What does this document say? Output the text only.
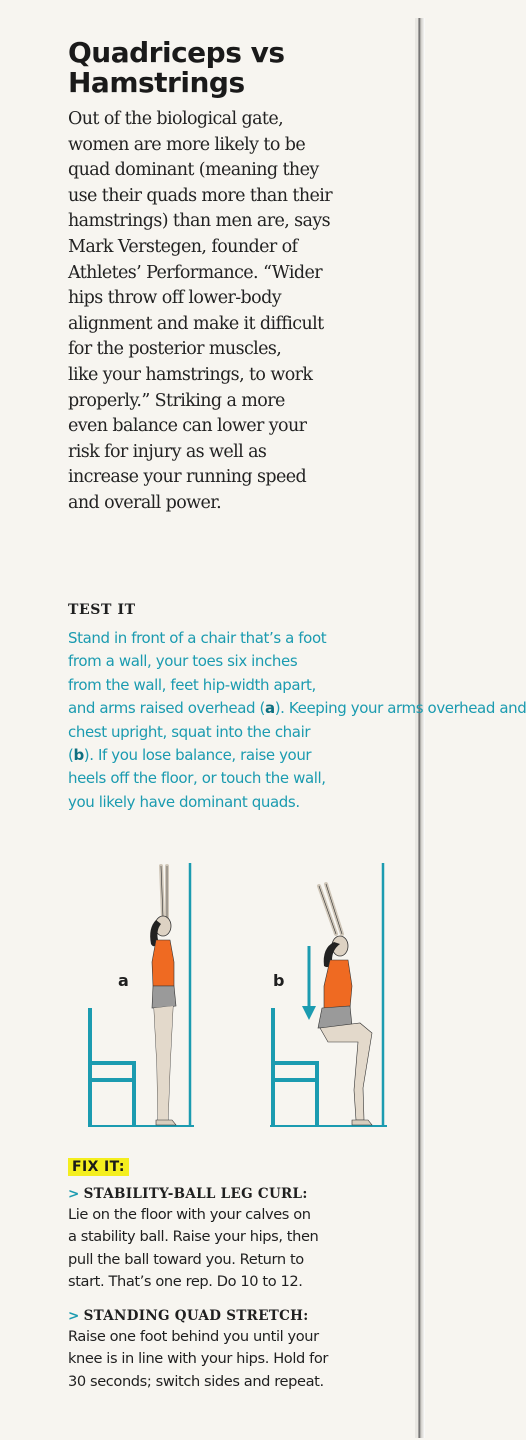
Quadriceps vs
Hamstrings
Out of the biological gate,
women are more likely to be
quad dominant (meaning they
use their quads more than their
hamstrings) than men are, says
Mark Verstegen, founder of
Athletes’ Performance. “Wider
hips throw off lower-body
alignment and make it difficult
for the posterior muscles,
like your hamstrings, to work
properly.” Striking a more
even balance can lower your
risk for injury as well as
increase your running speed
and overall power.
TEST IT
Stand in front of a chair that’s a foot
from a wall, your toes six inches
from the wall, feet hip-width apart,
and arms raised overhead (a). Keeping your arms overhead and
chest upright, squat into the chair
(b). If you lose balance, raise your
heels off the floor, or touch the wall,
you likely have dominant quads.
a	b
FIX IT:
> STABILITY-BALL LEG CURL:
Lie on the floor with your calves on
a stability ball. Raise your hips, then
pull the ball toward you. Return to
start. That’s one rep. Do 10 to 12.
> STANDING QUAD STRETCH:
Raise one foot behind you until your
knee is in line with your hips. Hold for
30 seconds; switch sides and repeat.
